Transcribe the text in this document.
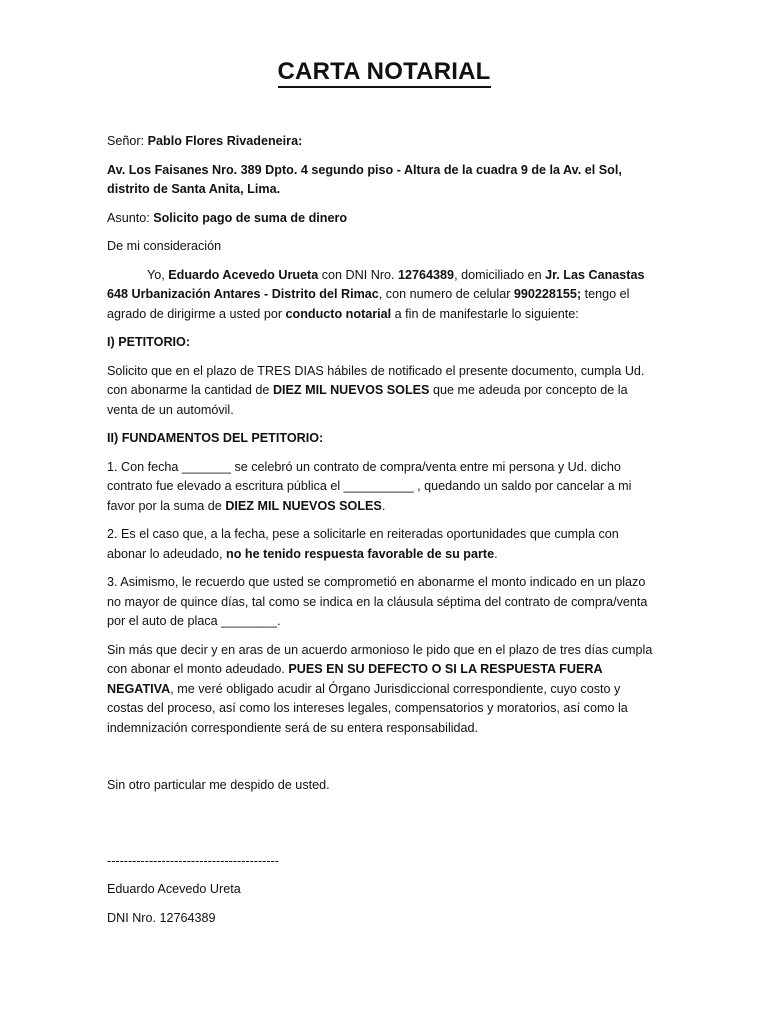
CARTA NOTARIAL

Señor: Pablo Flores Rivadeneira:

Av. Los Faisanes Nro. 389 Dpto. 4 segundo piso - Altura de la cuadra 9 de la Av. el Sol, distrito de Santa Anita, Lima.

Asunto: Solicito pago de suma de dinero

De mi consideración

Yo, Eduardo Acevedo Urueta con DNI Nro. 12764389, domiciliado en Jr. Las Canastas 648 Urbanización Antares - Distrito del Rimac, con numero de celular 990228155; tengo el agrado de dirigirme a usted por conducto notarial a fin de manifestarle lo siguiente:

I) PETITORIO:

Solicito que en el plazo de TRES DIAS hábiles de notificado el presente documento, cumpla Ud. con abonarme la cantidad de DIEZ MIL NUEVOS SOLES que me adeuda por concepto de la venta de un automóvil.

II) FUNDAMENTOS DEL PETITORIO:

1. Con fecha _______ se celebró un contrato de compra/venta entre mi persona y Ud. dicho contrato fue elevado a escritura pública el __________ , quedando un saldo por cancelar a mi favor por la suma de DIEZ MIL NUEVOS SOLES.

2. Es el caso que, a la fecha, pese a solicitarle en reiteradas oportunidades que cumpla con abonar lo adeudado, no he tenido respuesta favorable de su parte.

3. Asimismo, le recuerdo que usted se comprometió en abonarme el monto indicado en un plazo no mayor de quince días, tal como se indica en la cláusula séptima del contrato de compra/venta por el auto de placa ________.

Sin más que decir y en aras de un acuerdo armonioso le pido que en el plazo de tres días cumpla con abonar el monto adeudado. PUES EN SU DEFECTO O SI LA RESPUESTA FUERA NEGATIVA, me veré obligado acudir al Órgano Jurisdiccional correspondiente, cuyo costo y costas del proceso, así como los intereses legales, compensatorios y moratorios, así como la indemnización correspondiente será de su entera responsabilidad.

Sin otro particular me despido de usted.

-----------------------------------------

Eduardo Acevedo Ureta

DNI Nro. 12764389
